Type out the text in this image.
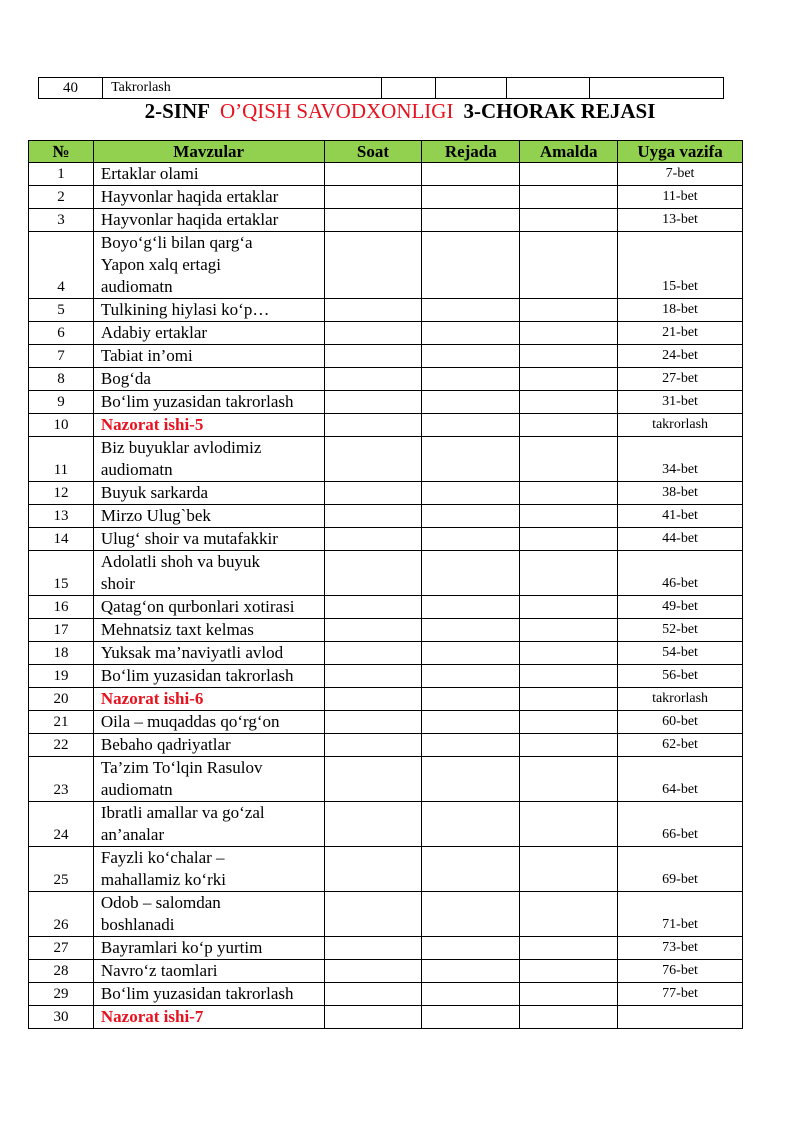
40	Takrorlash				
2-SINF O’QISH SAVODXONLIGI 3-CHORAK REJASI
№	Mavzular	Soat	Rejada	Amalda	Uyga vazifa
1	Ertaklar olami				7-bet
2	Hayvonlar haqida ertaklar				11-bet
3	Hayvonlar haqida ertaklar				13-bet
4	Boyo‘g‘li bilan qarg‘a
Yapon xalq ertagi
audiomatn				15-bet
5	Tulkining hiylasi ko‘p…				18-bet
6	Adabiy ertaklar				21-bet
7	Tabiat in’omi				24-bet
8	Bog‘da				27-bet
9	Bo‘lim yuzasidan takrorlash				31-bet
10	Nazorat ishi-5				takrorlash
11	Biz buyuklar avlodimiz
audiomatn				34-bet
12	Buyuk sarkarda				38-bet
13	Mirzo Ulug`bek				41-bet
14	Ulug‘ shoir va mutafakkir				44-bet
15	Adolatli shoh va buyuk
shoir				46-bet
16	Qatag‘on qurbonlari xotirasi				49-bet
17	Mehnatsiz taxt kelmas				52-bet
18	Yuksak ma’naviyatli avlod				54-bet
19	Bo‘lim yuzasidan takrorlash				56-bet
20	Nazorat ishi-6				takrorlash
21	Oila – muqaddas qo‘rg‘on				60-bet
22	Bebaho qadriyatlar				62-bet
23	Ta’zim To‘lqin Rasulov
audiomatn				64-bet
24	Ibratli amallar va go‘zal
an’analar				66-bet
25	Fayzli ko‘chalar –
mahallamiz ko‘rki				69-bet
26	Odob – salomdan
boshlanadi				71-bet
27	Bayramlari ko‘p yurtim				73-bet
28	Navro‘z taomlari				76-bet
29	Bo‘lim yuzasidan takrorlash				77-bet
30	Nazorat ishi-7				
